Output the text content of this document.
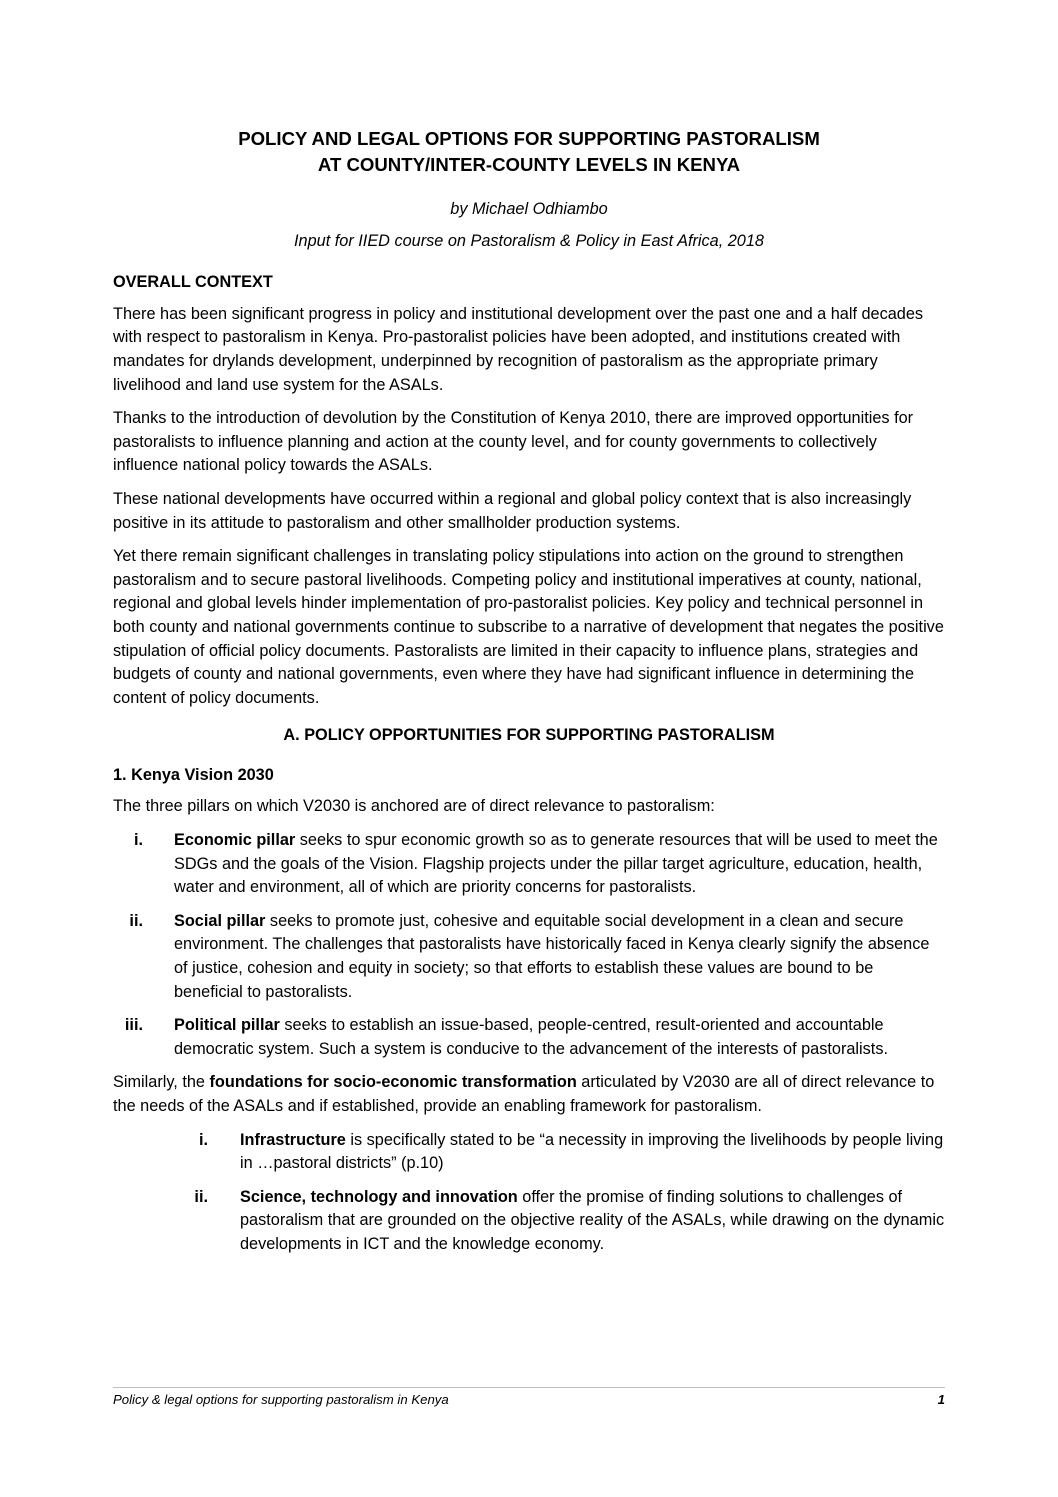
POLICY AND LEGAL OPTIONS FOR SUPPORTING PASTORALISM
AT COUNTY/INTER-COUNTY LEVELS IN KENYA
by Michael Odhiambo
Input for IIED course on Pastoralism & Policy in East Africa, 2018
OVERALL CONTEXT

There has been significant progress in policy and institutional development over the past one and a half decades with respect to pastoralism in Kenya. Pro-pastoralist policies have been adopted, and institutions created with mandates for drylands development, underpinned by recognition of pastoralism as the appropriate primary livelihood and land use system for the ASALs.

Thanks to the introduction of devolution by the Constitution of Kenya 2010, there are improved opportunities for pastoralists to influence planning and action at the county level, and for county governments to collectively influence national policy towards the ASALs.

These national developments have occurred within a regional and global policy context that is also increasingly positive in its attitude to pastoralism and other smallholder production systems.

Yet there remain significant challenges in translating policy stipulations into action on the ground to strengthen pastoralism and to secure pastoral livelihoods. Competing policy and institutional imperatives at county, national, regional and global levels hinder implementation of pro-pastoralist policies. Key policy and technical personnel in both county and national governments continue to subscribe to a narrative of development that negates the positive stipulation of official policy documents. Pastoralists are limited in their capacity to influence plans, strategies and budgets of county and national governments, even where they have had significant influence in determining the content of policy documents.

A. POLICY OPPORTUNITIES FOR SUPPORTING PASTORALISM
1. Kenya Vision 2030

The three pillars on which V2030 is anchored are of direct relevance to pastoralism:

i. Economic pillar seeks to spur economic growth so as to generate resources that will be used to meet the SDGs and the goals of the Vision. Flagship projects under the pillar target agriculture, education, health, water and environment, all of which are priority concerns for pastoralists.
ii. Social pillar seeks to promote just, cohesive and equitable social development in a clean and secure environment. The challenges that pastoralists have historically faced in Kenya clearly signify the absence of justice, cohesion and equity in society; so that efforts to establish these values are bound to be beneficial to pastoralists.
iii. Political pillar seeks to establish an issue-based, people-centred, result-oriented and accountable democratic system. Such a system is conducive to the advancement of the interests of pastoralists.

Similarly, the foundations for socio-economic transformation articulated by V2030 are all of direct relevance to the needs of the ASALs and if established, provide an enabling framework for pastoralism.

i. Infrastructure is specifically stated to be “a necessity in improving the livelihoods by people living in …pastoral districts” (p.10)
ii. Science, technology and innovation offer the promise of finding solutions to challenges of pastoralism that are grounded on the objective reality of the ASALs, while drawing on the dynamic developments in ICT and the knowledge economy.
Policy & legal options for supporting pastoralism in Kenya	1
